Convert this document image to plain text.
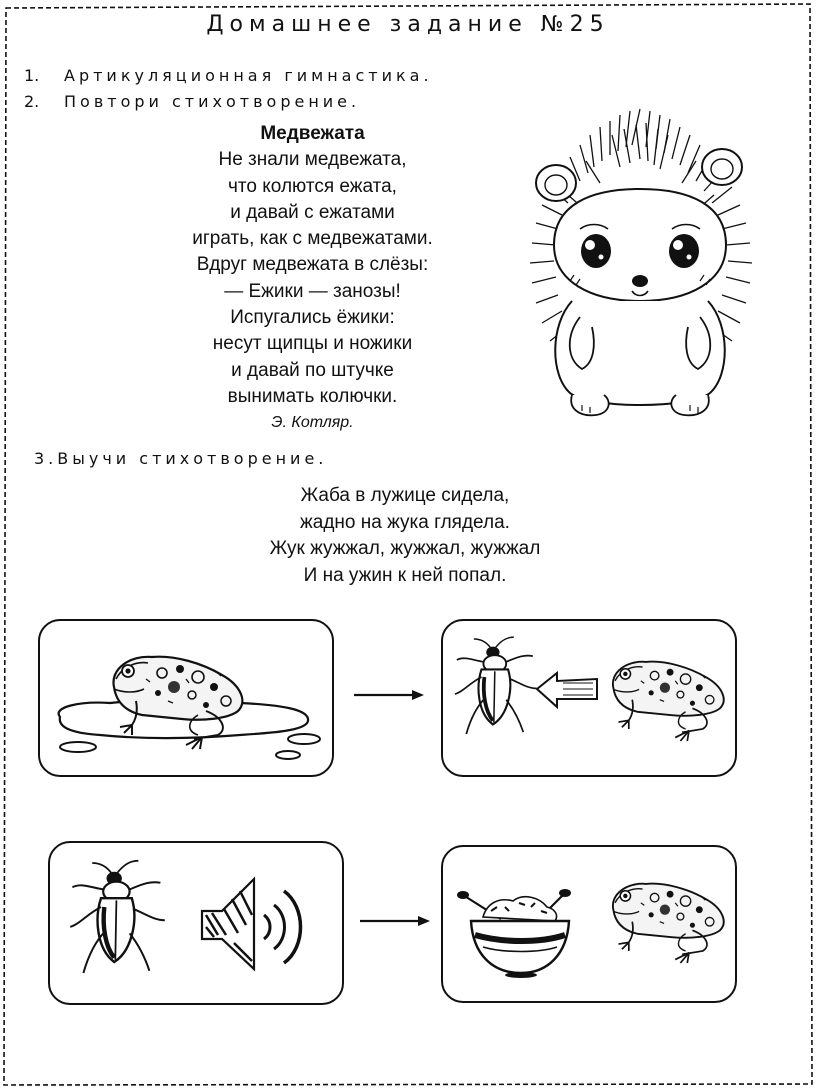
Домашнее задание №25
1. Артикуляционная гимнастика.
2. Повтори стихотворение.
Медвежата
Не знали медвежата,
что колются ежата,
и давай с ежатами
играть, как с медвежатами.
Вдруг медвежата в слёзы:
— Ежики — занозы!
Испугались ёжики:
несут щипцы и ножики
и давай по штучке
вынимать колючки.
Э. Котляр.
3.Выучи стихотворение.
Жаба в лужице сидела,
жадно на жука глядела.
Жук жужжал, жужжал, жужжал
И на ужин к ней попал.
